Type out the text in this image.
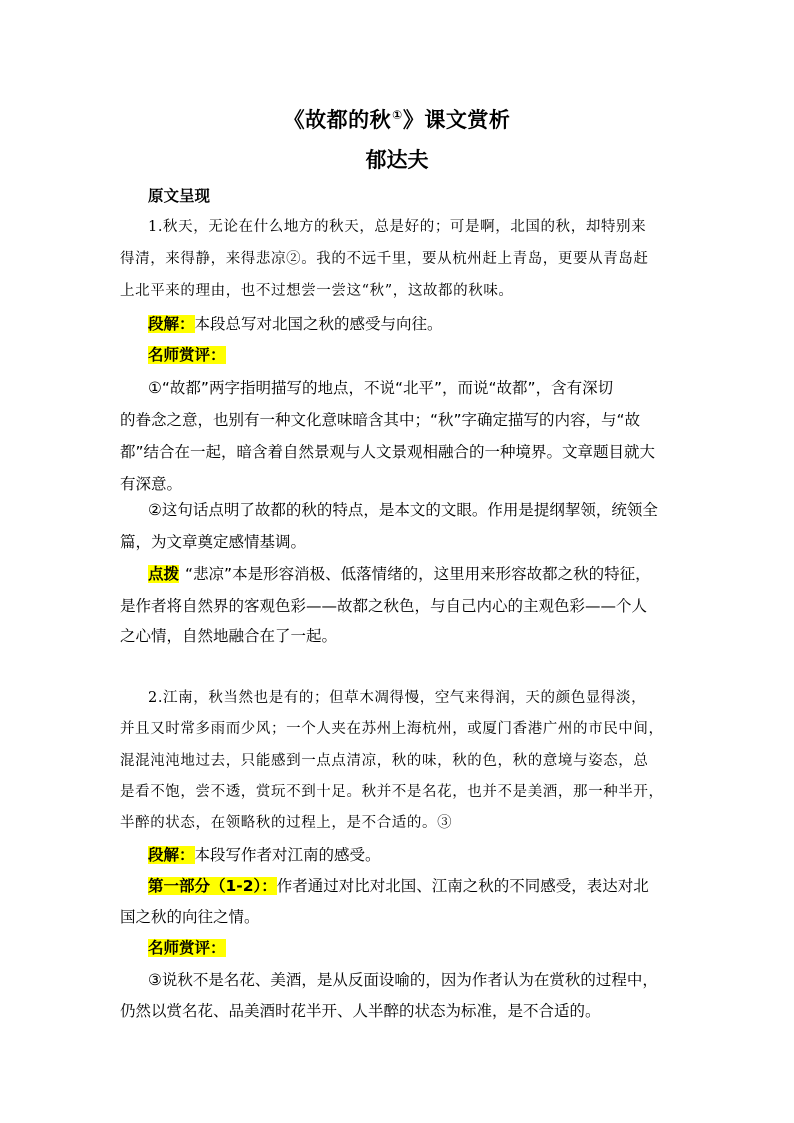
《故都的秋①》课文赏析
郁达夫
原文呈现
1.秋天，无论在什么地方的秋天，总是好的；可是啊，北国的秋，却特别来
得清，来得静，来得悲凉②。我的不远千里，要从杭州赶上青岛，更要从青岛赶
上北平来的理由，也不过想尝一尝这“秋”，这故都的秋味。
段解：本段总写对北国之秋的感受与向往。
名师赏评：
①“故都”两字指明描写的地点，不说“北平”，而说“故都”，含有深切
的眷念之意，也别有一种文化意味暗含其中；“秋”字确定描写的内容，与“故
都”结合在一起，暗含着自然景观与人文景观相融合的一种境界。文章题目就大
有深意。
②这句话点明了故都的秋的特点，是本文的文眼。作用是提纲挈领，统领全
篇，为文章奠定感情基调。
点拨 “悲凉”本是形容消极、低落情绪的，这里用来形容故都之秋的特征，
是作者将自然界的客观色彩——故都之秋色，与自己内心的主观色彩——个人
之心情，自然地融合在了一起。
2.江南，秋当然也是有的；但草木凋得慢，空气来得润，天的颜色显得淡，
并且又时常多雨而少风；一个人夹在苏州上海杭州，或厦门香港广州的市民中间，
混混沌沌地过去，只能感到一点点清凉，秋的味，秋的色，秋的意境与姿态，总
是看不饱，尝不透，赏玩不到十足。秋并不是名花，也并不是美酒，那一种半开，
半醉的状态，在领略秋的过程上，是不合适的。③
段解：本段写作者对江南的感受。
第一部分（1-2）：作者通过对比对北国、江南之秋的不同感受，表达对北
国之秋的向往之情。
名师赏评：
③说秋不是名花、美酒，是从反面设喻的，因为作者认为在赏秋的过程中，
仍然以赏名花、品美酒时花半开、人半醉的状态为标准，是不合适的。
